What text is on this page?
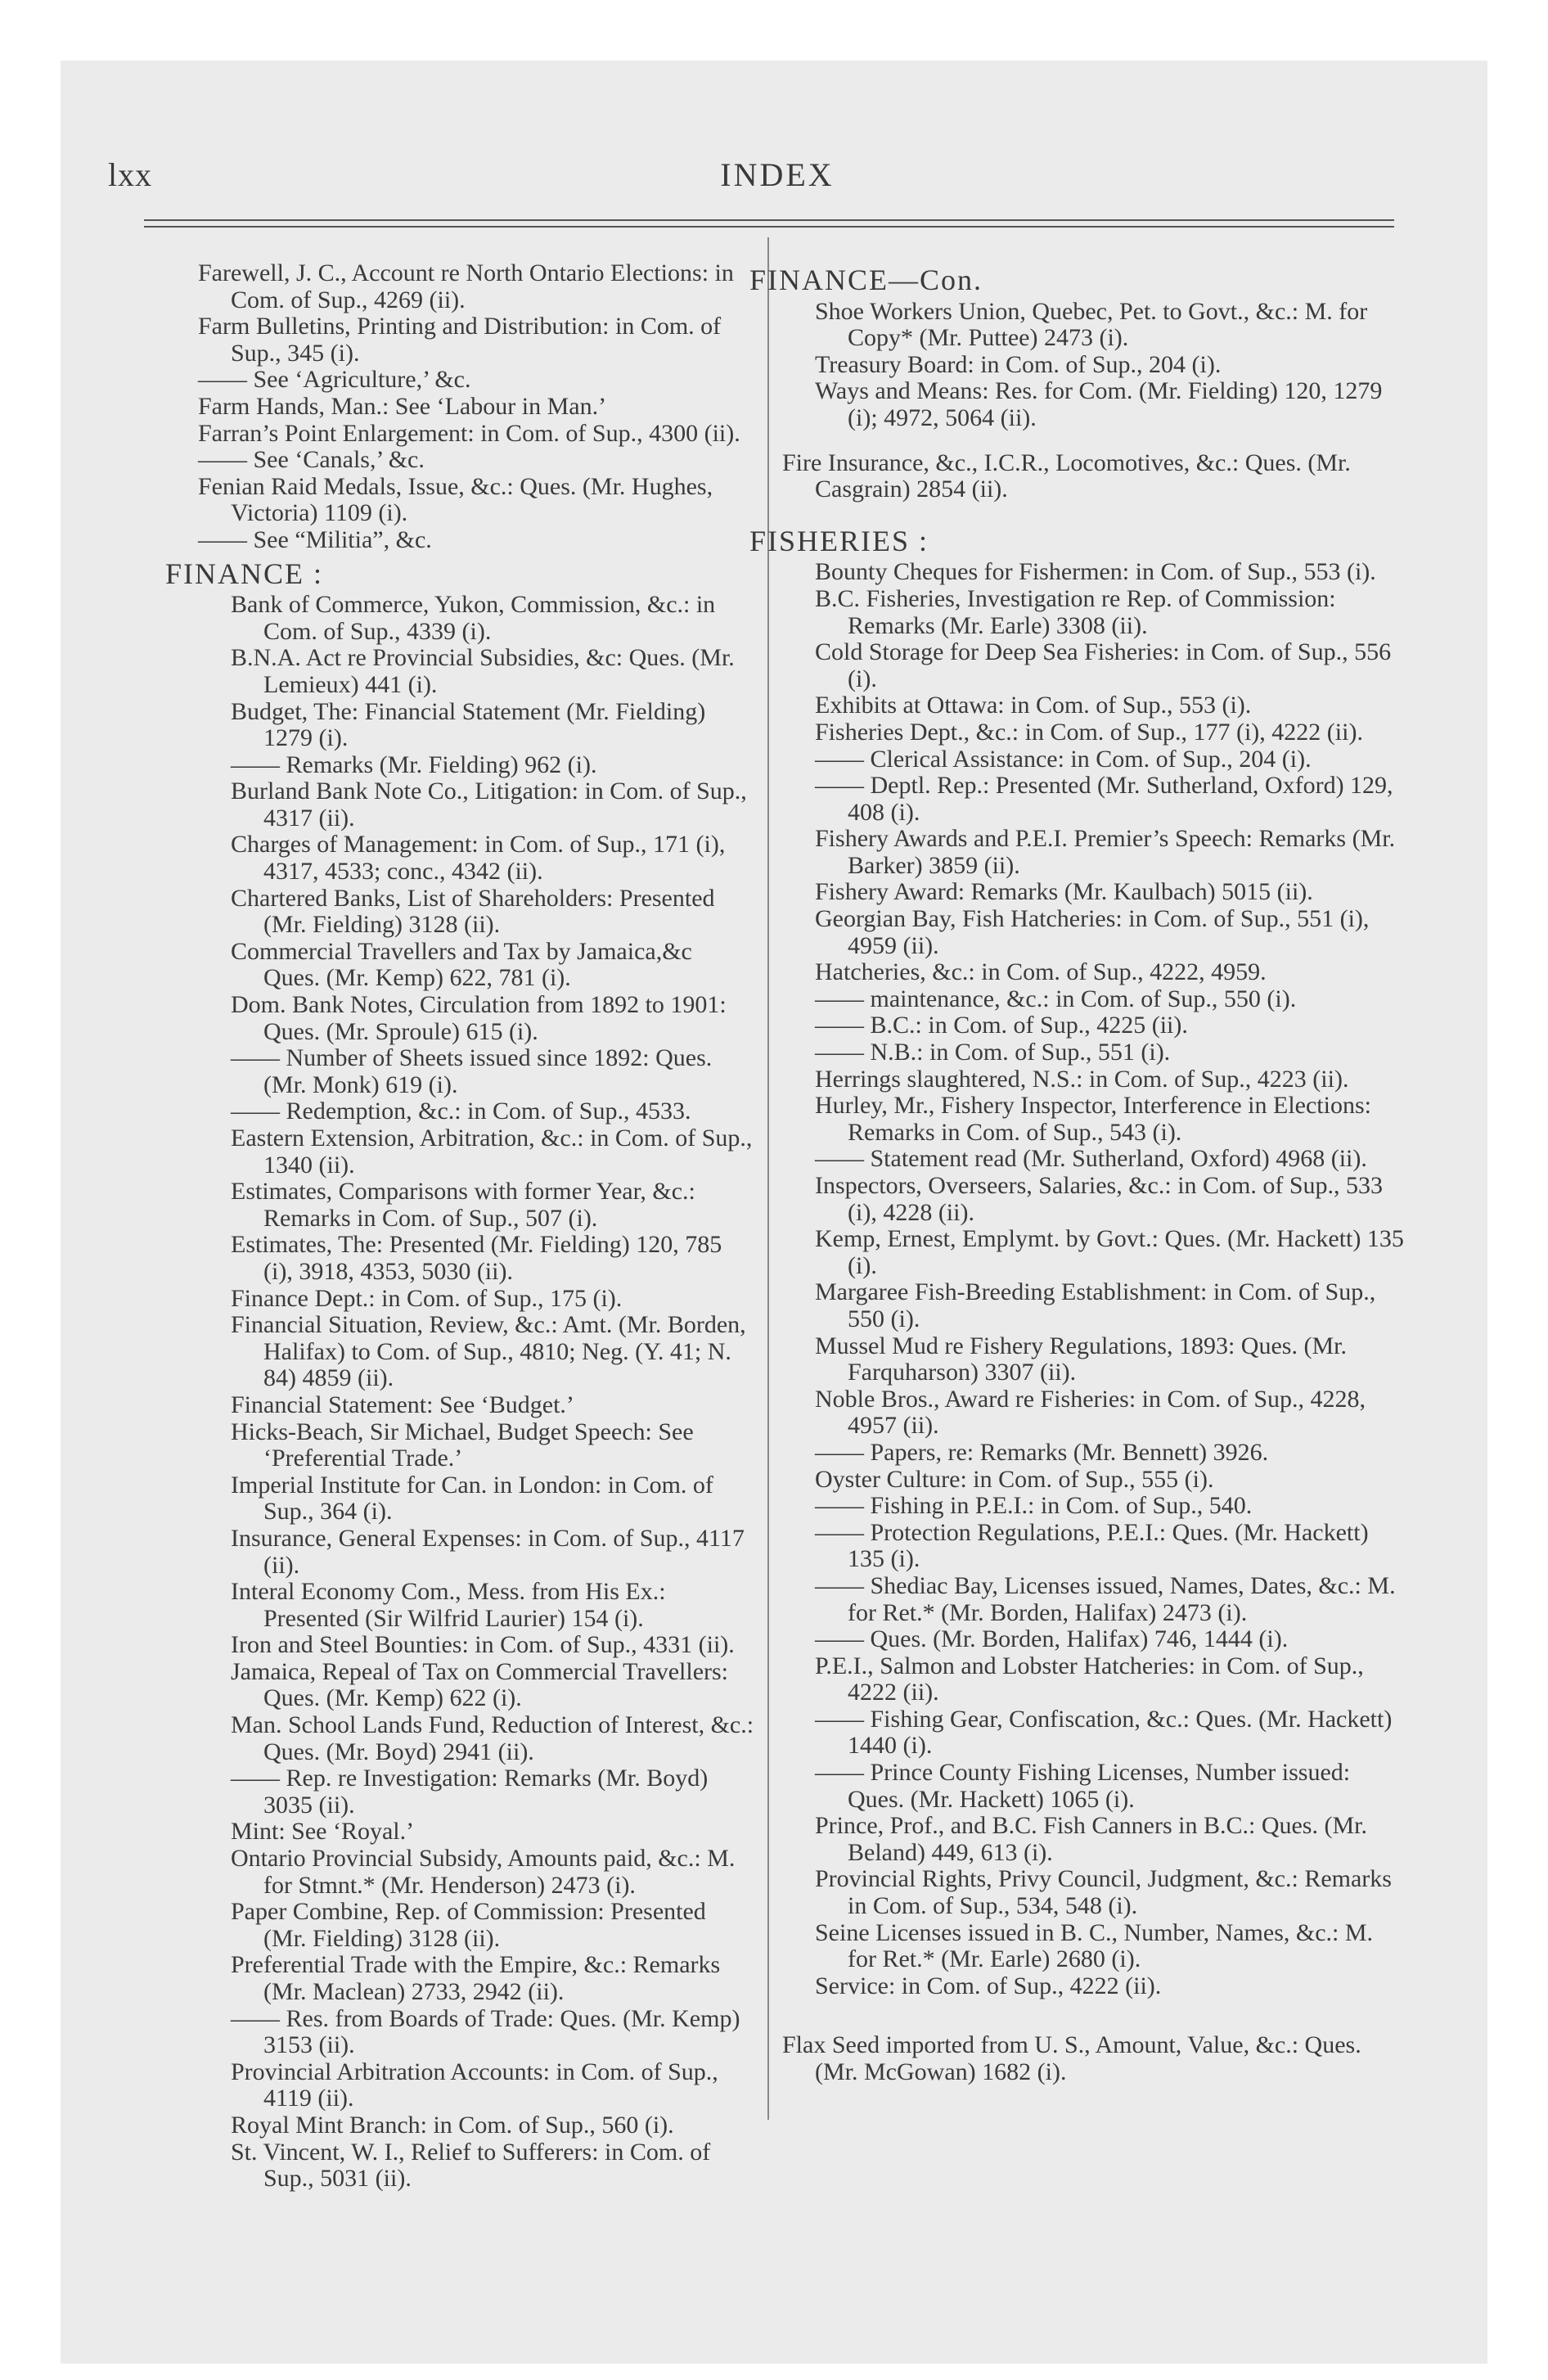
lxx	INDEX
Farewell, J. C., Account re North Ontario Elections: in Com. of Sup., 4269 (ii).
Farm Bulletins, Printing and Distribution: in Com. of Sup., 345 (i).
—— See ‘Agriculture,’ &c.
Farm Hands, Man.: See ‘Labour in Man.’
Farran’s Point Enlargement: in Com. of Sup., 4300 (ii).
—— See ‘Canals,’ &c.
Fenian Raid Medals, Issue, &c.: Ques. (Mr. Hughes, Victoria) 1109 (i).
—— See “Militia”, &c.
FINANCE :
Bank of Commerce, Yukon, Commission, &c.: in Com. of Sup., 4339 (i).
B.N.A. Act re Provincial Subsidies, &c: Ques. (Mr. Lemieux) 441 (i).
Budget, The: Financial Statement (Mr. Fielding) 1279 (i).
—— Remarks (Mr. Fielding) 962 (i).
Burland Bank Note Co., Litigation: in Com. of Sup., 4317 (ii).
Charges of Management: in Com. of Sup., 171 (i), 4317, 4533; conc., 4342 (ii).
Chartered Banks, List of Shareholders: Presented (Mr. Fielding) 3128 (ii).
Commercial Travellers and Tax by Jamaica,&c Ques. (Mr. Kemp) 622, 781 (i).
Dom. Bank Notes, Circulation from 1892 to 1901: Ques. (Mr. Sproule) 615 (i).
—— Number of Sheets issued since 1892: Ques. (Mr. Monk) 619 (i).
—— Redemption, &c.: in Com. of Sup., 4533.
Eastern Extension, Arbitration, &c.: in Com. of Sup., 1340 (ii).
Estimates, Comparisons with former Year, &c.: Remarks in Com. of Sup., 507 (i).
Estimates, The: Presented (Mr. Fielding) 120, 785 (i), 3918, 4353, 5030 (ii).
Finance Dept.: in Com. of Sup., 175 (i).
Financial Situation, Review, &c.: Amt. (Mr. Borden, Halifax) to Com. of Sup., 4810; Neg. (Y. 41; N. 84) 4859 (ii).
Financial Statement: See ‘Budget.’
Hicks-Beach, Sir Michael, Budget Speech: See ‘Preferential Trade.’
Imperial Institute for Can. in London: in Com. of Sup., 364 (i).
Insurance, General Expenses: in Com. of Sup., 4117 (ii).
Interal Economy Com., Mess. from His Ex.: Presented (Sir Wilfrid Laurier) 154 (i).
Iron and Steel Bounties: in Com. of Sup., 4331 (ii).
Jamaica, Repeal of Tax on Commercial Travellers: Ques. (Mr. Kemp) 622 (i).
Man. School Lands Fund, Reduction of Interest, &c.: Ques. (Mr. Boyd) 2941 (ii).
—— Rep. re Investigation: Remarks (Mr. Boyd) 3035 (ii).
Mint: See ‘Royal.’
Ontario Provincial Subsidy, Amounts paid, &c.: M. for Stmnt.* (Mr. Henderson) 2473 (i).
Paper Combine, Rep. of Commission: Presented (Mr. Fielding) 3128 (ii).
Preferential Trade with the Empire, &c.: Remarks (Mr. Maclean) 2733, 2942 (ii).
—— Res. from Boards of Trade: Ques. (Mr. Kemp) 3153 (ii).
Provincial Arbitration Accounts: in Com. of Sup., 4119 (ii).
Royal Mint Branch: in Com. of Sup., 560 (i).
St. Vincent, W. I., Relief to Sufferers: in Com. of Sup., 5031 (ii).
FINANCE—Con.
Shoe Workers Union, Quebec, Pet. to Govt., &c.: M. for Copy* (Mr. Puttee) 2473 (i).
Treasury Board: in Com. of Sup., 204 (i).
Ways and Means: Res. for Com. (Mr. Fielding) 120, 1279 (i); 4972, 5064 (ii).
Fire Insurance, &c., I.C.R., Locomotives, &c.: Ques. (Mr. Casgrain) 2854 (ii).
FISHERIES :
Bounty Cheques for Fishermen: in Com. of Sup., 553 (i).
B.C. Fisheries, Investigation re Rep. of Commission: Remarks (Mr. Earle) 3308 (ii).
Cold Storage for Deep Sea Fisheries: in Com. of Sup., 556 (i).
Exhibits at Ottawa: in Com. of Sup., 553 (i).
Fisheries Dept., &c.: in Com. of Sup., 177 (i), 4222 (ii).
—— Clerical Assistance: in Com. of Sup., 204 (i).
—— Deptl. Rep.: Presented (Mr. Sutherland, Oxford) 129, 408 (i).
Fishery Awards and P.E.I. Premier’s Speech: Remarks (Mr. Barker) 3859 (ii).
Fishery Award: Remarks (Mr. Kaulbach) 5015 (ii).
Georgian Bay, Fish Hatcheries: in Com. of Sup., 551 (i), 4959 (ii).
Hatcheries, &c.: in Com. of Sup., 4222, 4959.
—— maintenance, &c.: in Com. of Sup., 550 (i).
—— B.C.: in Com. of Sup., 4225 (ii).
—— N.B.: in Com. of Sup., 551 (i).
Herrings slaughtered, N.S.: in Com. of Sup., 4223 (ii).
Hurley, Mr., Fishery Inspector, Interference in Elections: Remarks in Com. of Sup., 543 (i).
—— Statement read (Mr. Sutherland, Oxford) 4968 (ii).
Inspectors, Overseers, Salaries, &c.: in Com. of Sup., 533 (i), 4228 (ii).
Kemp, Ernest, Emplymt. by Govt.: Ques. (Mr. Hackett) 135 (i).
Margaree Fish-Breeding Establishment: in Com. of Sup., 550 (i).
Mussel Mud re Fishery Regulations, 1893: Ques. (Mr. Farquharson) 3307 (ii).
Noble Bros., Award re Fisheries: in Com. of Sup., 4228, 4957 (ii).
—— Papers, re: Remarks (Mr. Bennett) 3926.
Oyster Culture: in Com. of Sup., 555 (i).
—— Fishing in P.E.I.: in Com. of Sup., 540.
—— Protection Regulations, P.E.I.: Ques. (Mr. Hackett) 135 (i).
—— Shediac Bay, Licenses issued, Names, Dates, &c.: M. for Ret.* (Mr. Borden, Halifax) 2473 (i).
—— Ques. (Mr. Borden, Halifax) 746, 1444 (i).
P.E.I., Salmon and Lobster Hatcheries: in Com. of Sup., 4222 (ii).
—— Fishing Gear, Confiscation, &c.: Ques. (Mr. Hackett) 1440 (i).
—— Prince County Fishing Licenses, Number issued: Ques. (Mr. Hackett) 1065 (i).
Prince, Prof., and B.C. Fish Canners in B.C.: Ques. (Mr. Beland) 449, 613 (i).
Provincial Rights, Privy Council, Judgment, &c.: Remarks in Com. of Sup., 534, 548 (i).
Seine Licenses issued in B. C., Number, Names, &c.: M. for Ret.* (Mr. Earle) 2680 (i).
Service: in Com. of Sup., 4222 (ii).
Flax Seed imported from U. S., Amount, Value, &c.: Ques. (Mr. McGowan) 1682 (i).
